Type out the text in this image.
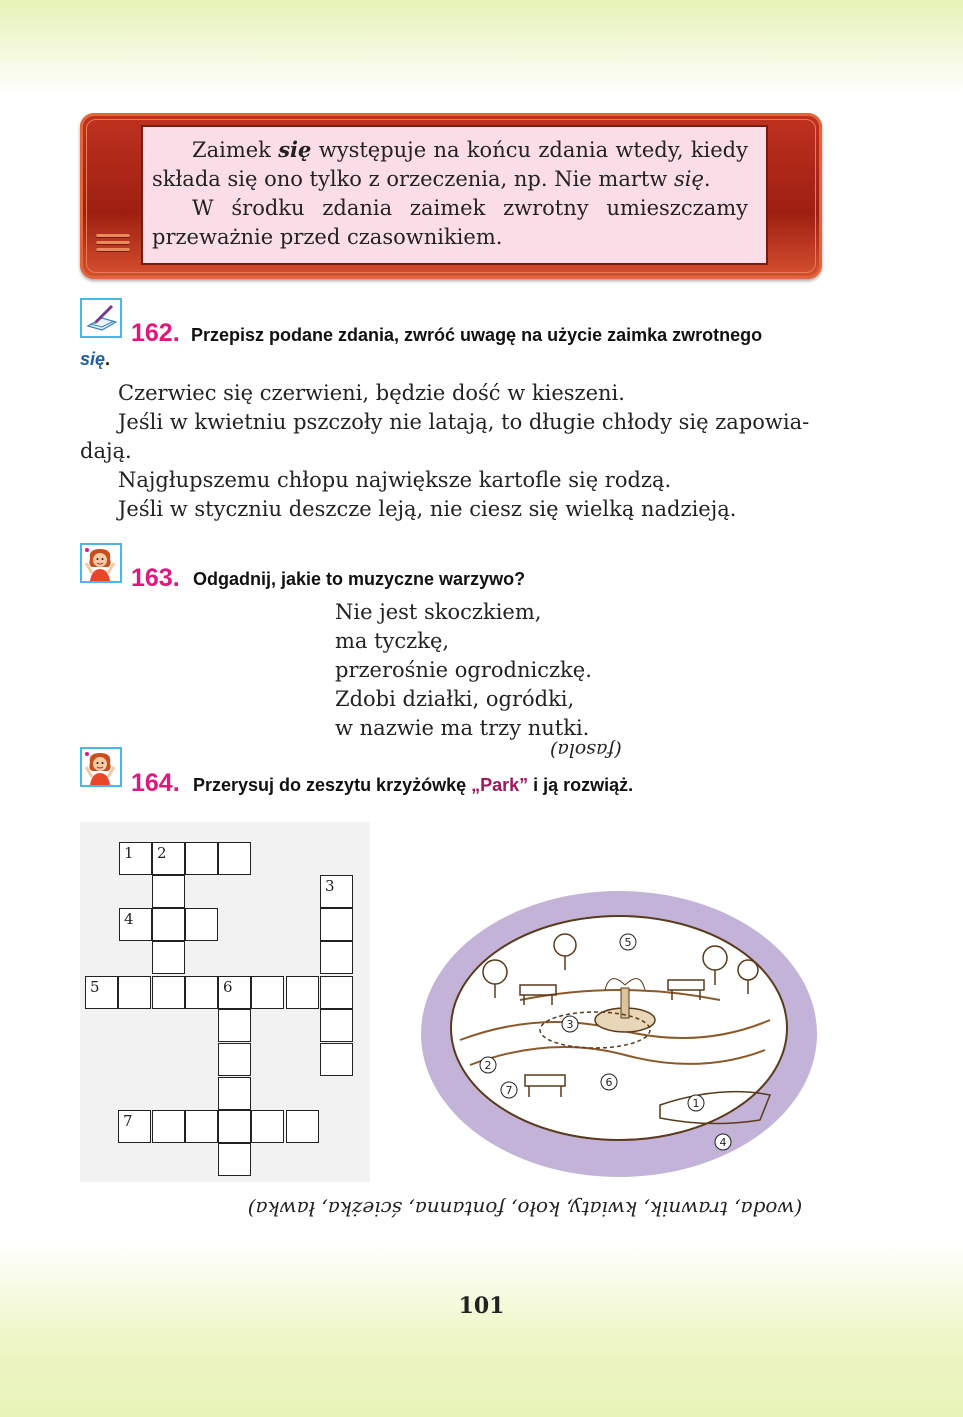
Zaimek się występuje na końcu zdania wtedy, kiedy składa się ono tylko z orzeczenia, np. Nie martw się.

W środku zdania zaimek zwrotny umieszczamy przeważnie przed czasownikiem.

162. Przepisz podane zdania, zwróć uwagę na użycie zaimka zwrotnego
się.
Czerwiec się czerwieni, będzie dość w kieszeni.
Jeśli w kwietniu pszczoły nie latają, to długie chłody się zapowia-
dają.
Najgłupszemu chłopu największe kartofle się rodzą.
Jeśli w styczniu deszcze leją, nie ciesz się wielką nadzieją.
163. Odgadnij, jakie to muzyczne warzywo?
Nie jest skoczkiem,
ma tyczkę,
przerośnie ogrodniczkę.
Zdobi działki, ogródki,
w nazwie ma trzy nutki.
(fasola)
164. Przerysuj do zeszytu krzyżówkę „Park” i ją rozwiąż.
1 2
3
4
5	6
7
1
2
3
4
5
6
7
(woda, trawnik, kwiaty, koło, fontanna, ścieżka, ławka)
101
